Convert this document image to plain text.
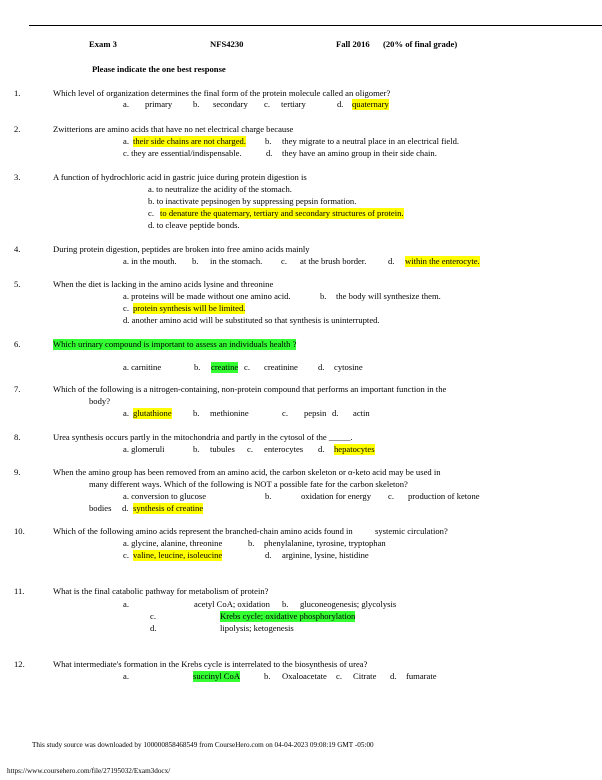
Exam 3	NFS4230	Fall 2016 (20% of final grade)
Please indicate the one best response
1.	Which level of organization determines the final form of the protein molecule called an oligomer?
a. primary b. secondary c. tertiary	d. quaternary
2.	Zwitterions are amino acids that have no net electrical charge because
a. their side chains are not charged. b. they migrate to a neutral place in an electrical field.
c. they are essential/indispensable.	d. they have an amino group in their side chain.
3.	A function of hydrochloric acid in gastric juice during protein digestion is
a. to neutralize the acidity of the stomach.
b. to inactivate pepsinogen by suppressing pepsin formation.
c. to denature the quaternary, tertiary and secondary structures of protein.
d. to cleave peptide bonds.
4.	During protein digestion, peptides are broken into free amino acids mainly
a. in the mouth. b. in the stomach. c. at the brush border.	d. within the enterocyte.
5.	When the diet is lacking in the amino acids lysine and threonine
a. proteins will be made without one amino acid.	b. the body will synthesize them.
c. protein synthesis will be limited.
d. another amino acid will be substituted so that synthesis is uninterrupted.
6.	Which urinary compound is important to assess an individuals health ?
a. carnitine	b. creatine c. creatinine d. cytosine
7.	Which of the following is a nitrogen-containing, non-protein compound that performs an important function in the
body?
a. glutathione b. methionine	c. pepsin d. actin
8.	Urea synthesis occurs partly in the mitochondria and partly in the cytosol of the _____.
a. glomeruli	b. tubules c. enterocytes d. hepatocytes
9.	When the amino group has been removed from an amino acid, the carbon skeleton or α-keto acid may be used in
many different ways. Which of the following is NOT a possible fate for the carbon skeleton?
a. conversion to glucose	b.	oxidation for energy c. production of ketone
bodies d. synthesis of creatine
10.	Which of the following amino acids represent the branched-chain amino acids found in	systemic circulation?
a. glycine, alanine, threonine	b. phenylalanine, tyrosine, tryptophan
c. valine, leucine, isoleucine	d. arginine, lysine, histidine
11.	What is the final catabolic pathway for metabolism of protein?
a.	acetyl CoA; oxidation b. gluconeogenesis; glycolysis
c.	Krebs cycle; oxidative phosphorylation
d.	lipolysis; ketogenesis
12.	What intermediate's formation in the Krebs cycle is interrelated to the biosynthesis of urea?
a.	succinyl CoA	b. Oxaloacetate c. Citrate d. fumarate
This study source was downloaded by 100000858468549 from CourseHero.com on 04-04-2023 09:08:19 GMT -05:00
https://www.coursehero.com/file/27195032/Exam3docx/
